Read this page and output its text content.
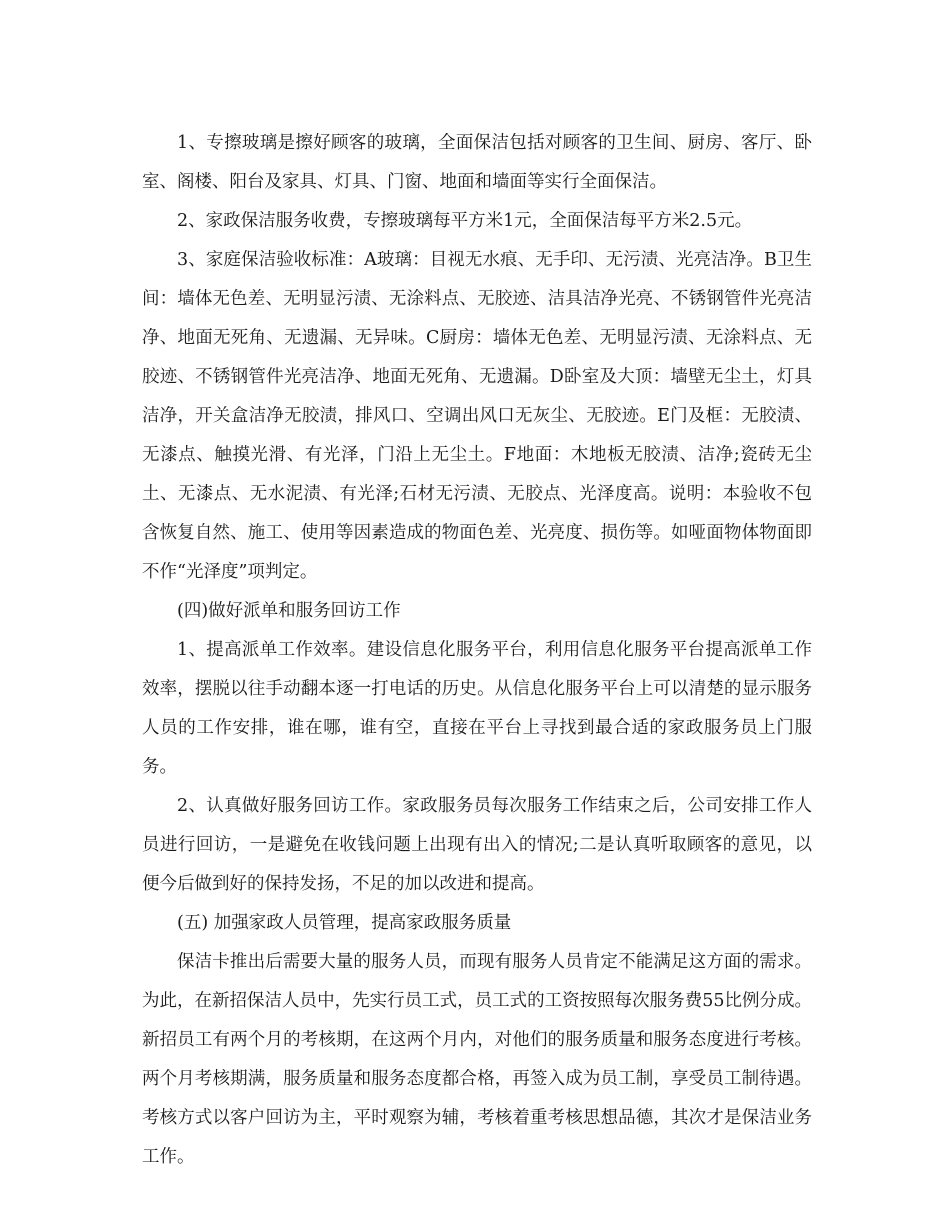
1、专擦玻璃是擦好顾客的玻璃，全面保洁包括对顾客的卫生间、厨房、客厅、卧室、阁楼、阳台及家具、灯具、门窗、地面和墙面等实行全面保洁。

2、家政保洁服务收费，专擦玻璃每平方米1元，全面保洁每平方米2.5元。

3、家庭保洁验收标准：A玻璃：目视无水痕、无手印、无污渍、光亮洁净。B卫生间：墙体无色差、无明显污渍、无涂料点、无胶迹、洁具洁净光亮、不锈钢管件光亮洁净、地面无死角、无遗漏、无异味。C厨房：墙体无色差、无明显污渍、无涂料点、无胶迹、不锈钢管件光亮洁净、地面无死角、无遗漏。D卧室及大顶：墙壁无尘土，灯具洁净，开关盒洁净无胶渍，排风口、空调出风口无灰尘、无胶迹。E门及框：无胶渍、无漆点、触摸光滑、有光泽，门沿上无尘土。F地面：木地板无胶渍、洁净;瓷砖无尘土、无漆点、无水泥渍、有光泽;石材无污渍、无胶点、光泽度高。说明：本验收不包含恢复自然、施工、使用等因素造成的物面色差、光亮度、损伤等。如哑面物体物面即不作“光泽度”项判定。

(四)做好派单和服务回访工作

1、提高派单工作效率。建设信息化服务平台，利用信息化服务平台提高派单工作效率，摆脱以往手动翻本逐一打电话的历史。从信息化服务平台上可以清楚的显示服务人员的工作安排，谁在哪，谁有空，直接在平台上寻找到最合适的家政服务员上门服务。

2、认真做好服务回访工作。家政服务员每次服务工作结束之后，公司安排工作人员进行回访，一是避免在收钱问题上出现有出入的情况;二是认真听取顾客的意见，以便今后做到好的保持发扬，不足的加以改进和提高。

(五) 加强家政人员管理，提高家政服务质量

保洁卡推出后需要大量的服务人员，而现有服务人员肯定不能满足这方面的需求。为此，在新招保洁人员中，先实行员工式，员工式的工资按照每次服务费55比例分成。新招员工有两个月的考核期，在这两个月内，对他们的服务质量和服务态度进行考核。两个月考核期满，服务质量和服务态度都合格，再签入成为员工制，享受员工制待遇。考核方式以客户回访为主，平时观察为辅，考核着重考核思想品德，其次才是保洁业务工作。
